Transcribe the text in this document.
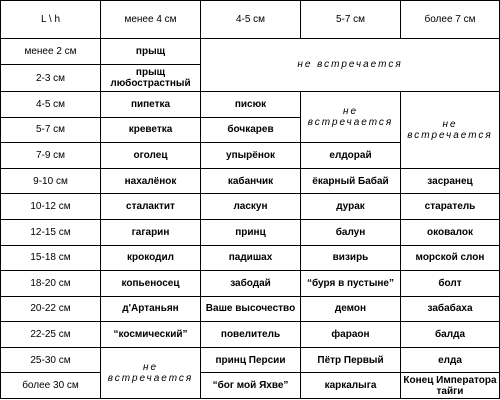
L \ h	менее 4 см	4-5 см	5-7 см	более 7 см
менее 2 см	прыщ	не встречается		
2-3 см	прыщ любострастный			
4-5 см	пипетка	писюк	не встречается	не встречается
5-7 см	креветка	бочкарев		
7-9 см	оголец	упырёнок	елдорай	
9-10 см	нахалёнок	кабанчик	ёкарный Бабай	засранец
10-12 см	сталактит	ласкун	дурак	старатель
12-15 см	гагарин	принц	балун	оковалок
15-18 см	крокодил	падишах	визирь	морской слон
18-20 см	копьеносец	забодай	“буря в пустыне”	болт
20-22 см	д'Артаньян	Ваше высочество	демон	забабаха
22-25 см	“космический”	повелитель	фараон	балда
25-30 см	не встречается	принц Персии	Пётр Первый	елда
более 30 см		“бог мой Яхве”	каркалыга	Конец Императора тайги
